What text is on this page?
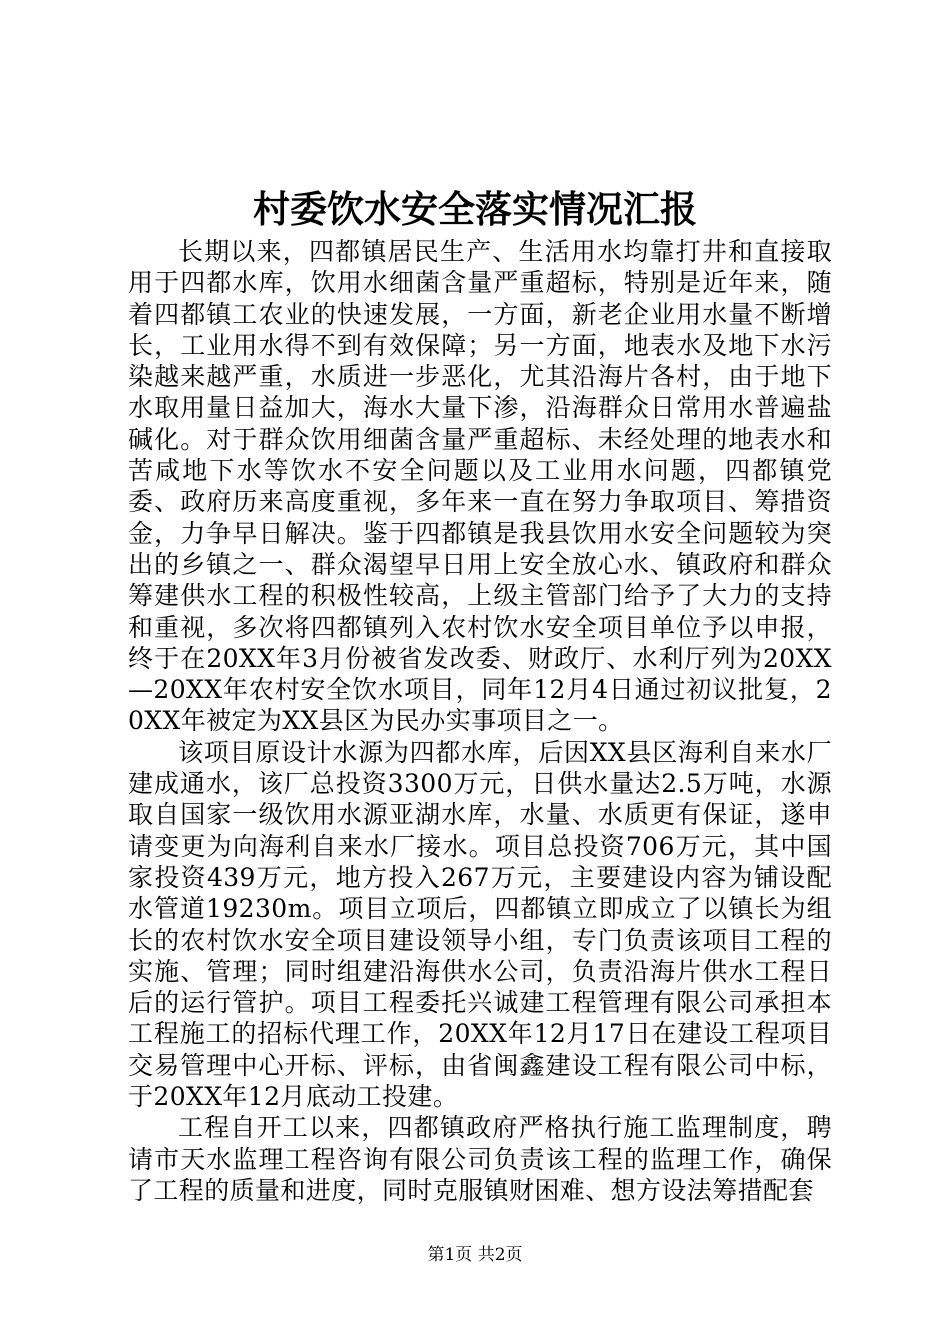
村委饮水安全落实情况汇报

长期以来，四都镇居民生产、生活用水均靠打井和直接取用于四都水库，饮用水细菌含量严重超标，特别是近年来，随着四都镇工农业的快速发展，一方面，新老企业用水量不断增长，工业用水得不到有效保障；另一方面，地表水及地下水污染越来越严重，水质进一步恶化，尤其沿海片各村，由于地下水取用量日益加大，海水大量下渗，沿海群众日常用水普遍盐碱化。对于群众饮用细菌含量严重超标、未经处理的地表水和苦咸地下水等饮水不安全问题以及工业用水问题，四都镇党委、政府历来高度重视，多年来一直在努力争取项目、筹措资金，力争早日解决。鉴于四都镇是我县饮用水安全问题较为突出的乡镇之一、群众渴望早日用上安全放心水、镇政府和群众筹建供水工程的积极性较高，上级主管部门给予了大力的支持和重视，多次将四都镇列入农村饮水安全项目单位予以申报，终于在20XX年3月份被省发改委、财政厅、水利厅列为20XX—20XX年农村安全饮水项目，同年12月4日通过初议批复，20XX年被定为XX县区为民办实事项目之一。

该项目原设计水源为四都水库，后因XX县区海利自来水厂建成通水，该厂总投资3300万元，日供水量达2.5万吨，水源取自国家一级饮用水源亚湖水库，水量、水质更有保证，遂申请变更为向海利自来水厂接水。项目总投资706万元，其中国家投资439万元，地方投入267万元，主要建设内容为铺设配水管道19230m。项目立项后，四都镇立即成立了以镇长为组长的农村饮水安全项目建设领导小组，专门负责该项目工程的实施、管理；同时组建沿海供水公司，负责沿海片供水工程日后的运行管护。项目工程委托兴诚建工程管理有限公司承担本工程施工的招标代理工作，20XX年12月17日在建设工程项目交易管理中心开标、评标，由省闽鑫建设工程有限公司中标，于20XX年12月底动工投建。

工程自开工以来，四都镇政府严格执行施工监理制度，聘请市天水监理工程咨询有限公司负责该工程的监理工作，确保了工程的质量和进度，同时克服镇财困难、想方设法筹措配套

第1页 共2页
